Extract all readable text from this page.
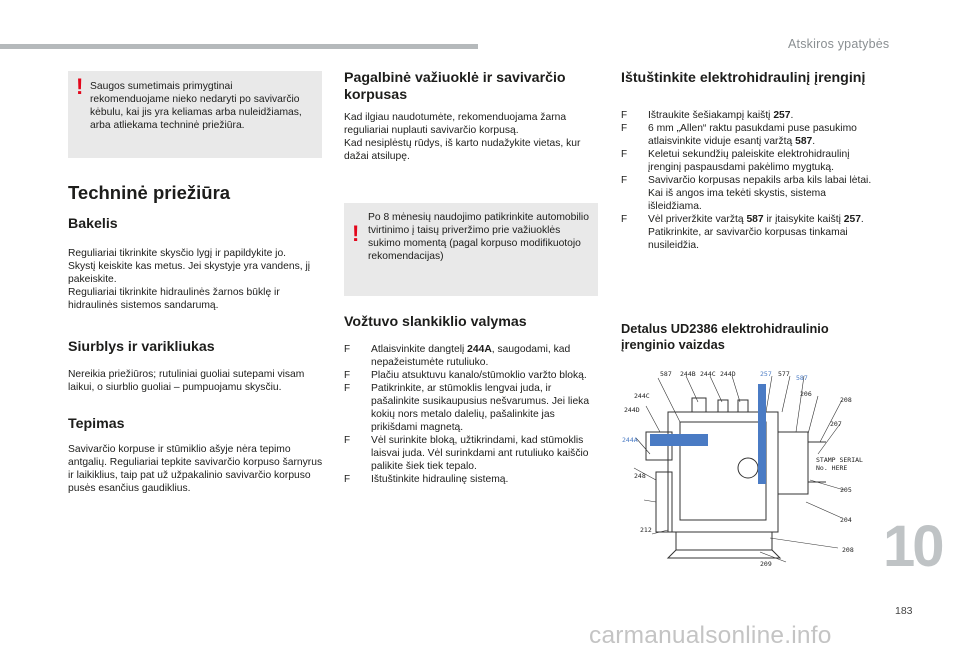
Atskiros ypatybės
! Saugos sumetimais primygtinai rekomenduojame nieko nedaryti po savivarčio kėbulu, kai jis yra keliamas arba nuleidžiamas, arba atliekama techninė priežiūra.

Techninė priežiūra
Bakelis

Reguliariai tikrinkite skysčio lygį ir papildykite jo.

Skystį keiskite kas metus. Jei skystyje yra vandens, jį pakeiskite.

Reguliariai tikrinkite hidraulinės žarnos būklę ir hidraulinės sistemos sandarumą.

Siurblys ir varikliukas

Nereikia priežiūros; rutuliniai guoliai sutepami visam laikui, o siurblio guoliai – pumpuojamu skysčiu.

Tepimas

Savivarčio korpuse ir stūmiklio ašyje nėra tepimo antgalių. Reguliariai tepkite savivarčio korpuso šarnyrus ir laikiklius, taip pat už užpakalinio savivarčio korpuso pusės esančius gaudiklius.

Pagalbinė važiuoklė ir savivarčio korpusas

Kad ilgiau naudotumėte, rekomenduojama žarna reguliariai nuplauti savivarčio korpusą.

Kad nesiplėstų rūdys, iš karto nudažykite vietas, kur dažai atsilupę.

!

Po 8 mėnesių naudojimo patikrinkite automobilio tvirtinimo į taisų priveržimo prie važiuoklės sukimo momentą (pagal korpuso modifikuotojo rekomendacijas)

Vožtuvo slankiklio valymas
F Atlaisvinkite dangtelį 244A, saugodami, kad nepažeistumėte rutuliuko.
F Plačiu atsuktuvu kanalo/stūmoklio varžto bloką.
F Patikrinkite, ar stūmoklis lengvai juda, ir pašalinkite susikaupusius nešvarumus. Jei lieka kokių nors metalo dalelių, pašalinkite jas prikišdami magnetą.
F Vėl surinkite bloką, užtikrindami, kad stūmoklis laisvai juda. Vėl surinkdami ant rutuliuko kaiščio palikite šiek tiek tepalo.
F Ištuštinkite hidraulinę sistemą.
Ištuštinkite elektrohidraulinį įrenginį
F Ištraukite šešiakampį kaištį 257.
F 6 mm „Allen“ raktu pasukdami puse pasukimo atlaisvinkite viduje esantį varžtą 587.
F Keletui sekundžių paleiskite elektrohidraulinį įrenginį paspausdami pakėlimo mygtuką.
F Savivarčio korpusas nepakils arba kils labai lėtai. Kai iš angos ima tekėti skystis, sistema išleidžiama.
F Vėl priveržkite varžtą 587 ir įtaisykite kaištį 257. Patikrinkite, ar savivarčio korpusas tinkamai nusileidžia.
Detalus UD2386 elektrohidraulinio įrenginio vaizdas
587 244B 244C 244D	257 577 587
244C
244D
244A
248
212
209
208
207
206
205
204
208
STAMP SERIAL
No. HERE
10
183
carmanualsonline.info
